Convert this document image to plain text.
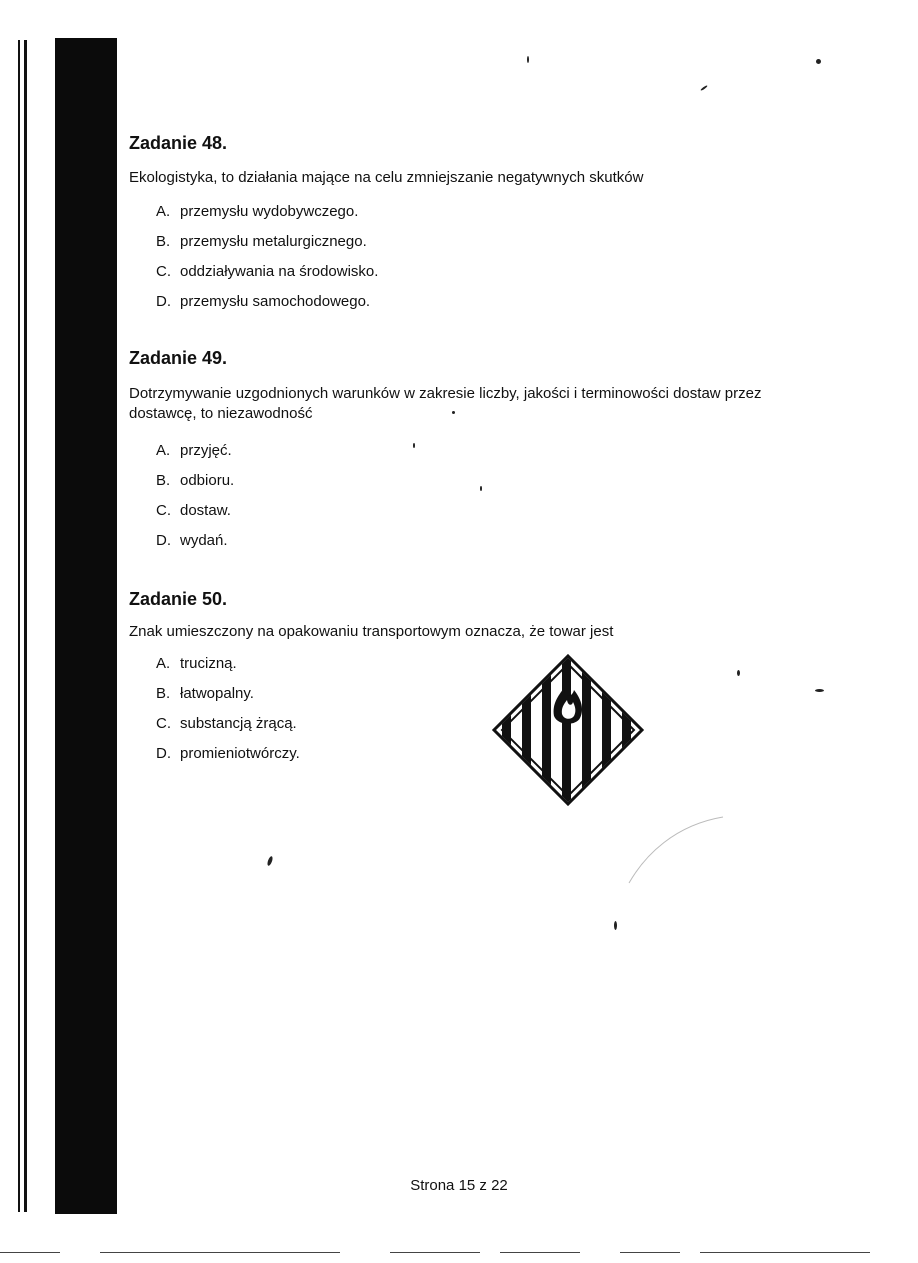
Zadanie 48.

Ekologistyka, to działania mające na celu zmniejszanie negatywnych skutków

A. przemysłu wydobywczego.
B. przemysłu metalurgicznego.
C. oddziaływania na środowisko.
D. przemysłu samochodowego.
Zadanie 49.

Dotrzymywanie uzgodnionych warunków w zakresie liczby, jakości i terminowości dostaw przez dostawcę, to niezawodność

A. przyjęć.
B. odbioru.
C. dostaw.
D. wydań.
Zadanie 50.

Znak umieszczony na opakowaniu transportowym oznacza, że towar jest

A. trucizną.
B. łatwopalny.
C. substancją żrącą.
D. promieniotwórczy.
Strona 15 z 22
